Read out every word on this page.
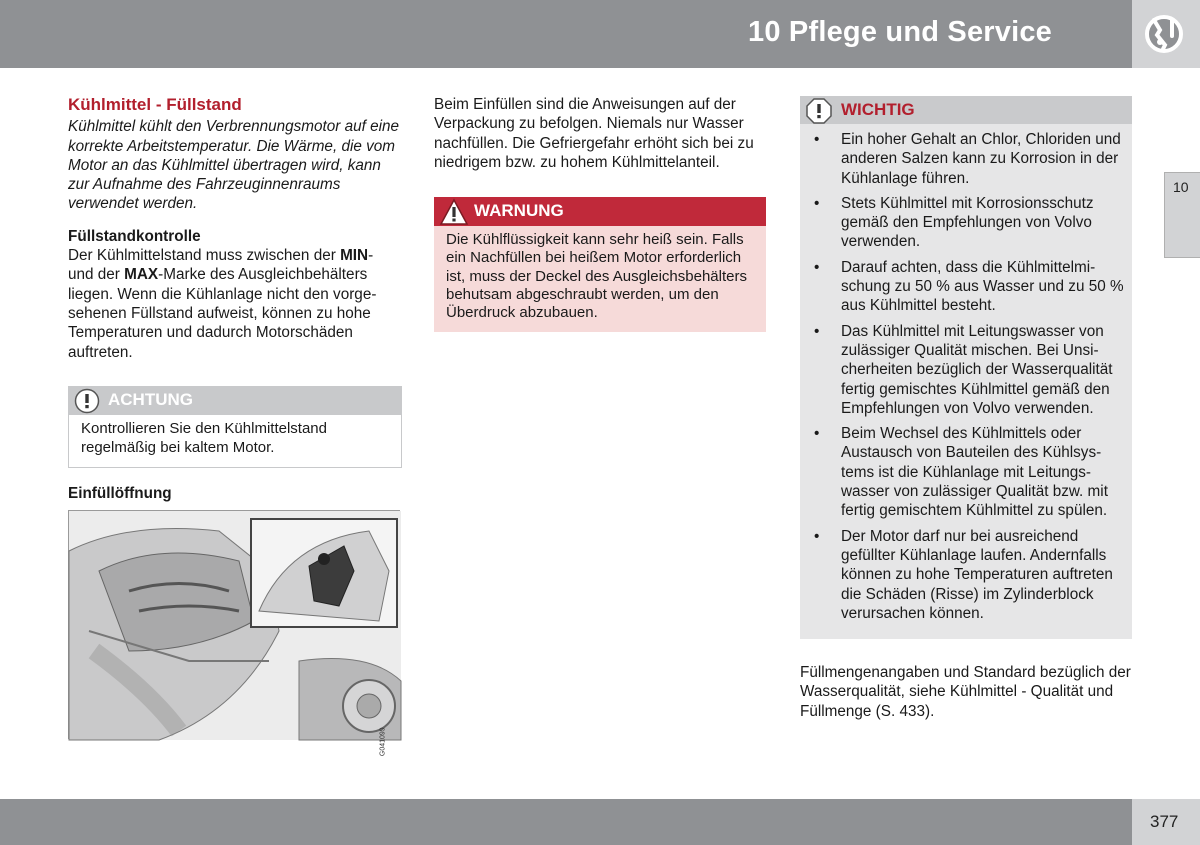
10 Pflege und Service
10
Kühlmittel - Füllstand

Kühlmittel kühlt den Verbrennungsmotor auf eine korrekte Arbeitstemperatur. Die Wärme, die vom Motor an das Kühlmittel übertragen wird, kann zur Aufnahme des Fahrzeuginnenraums verwendet werden.

Füllstandkontrolle

Der Kühlmittelstand muss zwischen der MIN- und der MAX-Marke des Ausgleichbehälters liegen. Wenn die Kühlanlage nicht den vorgesehenen Füllstand aufweist, können zu hohe Temperaturen und dadurch Motorschäden auftreten.

ACHTUNG
Kontrollieren Sie den Kühlmittelstand regelmäßig bei kaltem Motor.
Einfüllöffnung
G041099

Beim Einfüllen sind die Anweisungen auf der Verpackung zu befolgen. Niemals nur Wasser nachfüllen. Die Gefriergefahr erhöht sich bei zu niedrigem bzw. zu hohem Kühlmittelanteil.

WARNUNG
Die Kühlflüssigkeit kann sehr heiß sein. Falls ein Nachfüllen bei heißem Motor erforderlich ist, muss der Deckel des Ausgleichsbehälters behutsam abgeschraubt werden, um den Überdruck abzubauen.
WICHTIG
• Ein hoher Gehalt an Chlor, Chloriden und anderen Salzen kann zu Korrosion in der Kühlanlage führen.
• Stets Kühlmittel mit Korrosionsschutz gemäß den Empfehlungen von Volvo verwenden.
• Darauf achten, dass die Kühlmittelmischung zu 50 % aus Wasser und zu 50 % aus Kühlmittel besteht.
• Das Kühlmittel mit Leitungswasser von zulässiger Qualität mischen. Bei Unsicherheiten bezüglich der Wasserqualität fertig gemischtes Kühlmittel gemäß den Empfehlungen von Volvo verwenden.
• Beim Wechsel des Kühlmittels oder Austausch von Bauteilen des Kühlsystems ist die Kühlanlage mit Leitungswasser von zulässiger Qualität bzw. mit fertig gemischtem Kühlmittel zu spülen.
• Der Motor darf nur bei ausreichend gefüllter Kühlanlage laufen. Andernfalls können zu hohe Temperaturen auftreten die Schäden (Risse) im Zylinderblock verursachen können.

Füllmengenangaben und Standard bezüglich der Wasserqualität, siehe Kühlmittel - Qualität und Füllmenge (S. 433).

377
